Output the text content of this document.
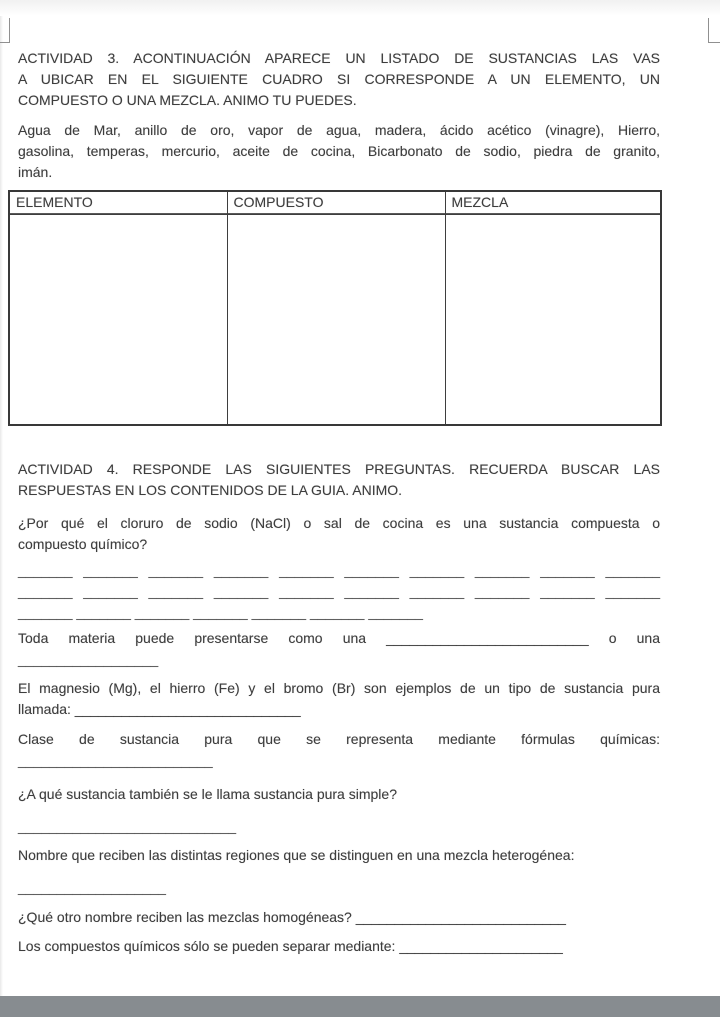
ACTIVIDAD 3. ACONTINUACIÓN APARECE UN LISTADO DE SUSTANCIAS LAS VAS
A UBICAR EN EL SIGUIENTE CUADRO SI CORRESPONDE A UN ELEMENTO, UN
COMPUESTO O UNA MEZCLA. ANIMO TU PUEDES.

Agua de Mar, anillo de oro, vapor de agua, madera, ácido acético (vinagre), Hierro,
gasolina, temperas, mercurio, aceite de cocina, Bicarbonato de sodio, piedra de granito,
imán.

ELEMENTO	COMPUESTO	MEZCLA

ACTIVIDAD 4. RESPONDE LAS SIGUIENTES PREGUNTAS. RECUERDA BUSCAR LAS
RESPUESTAS EN LOS CONTENIDOS DE LA GUIA. ANIMO.

¿Por qué el cloruro de sodio (NaCl) o sal de cocina es una sustancia compuesta o
compuesto químico?

_______ _______ _______ _______ _______ _______ _______ _______ _______ _______
_______ _______ _______ _______ _______ _______ _______ _______ _______ _______
_______ _______ _______ _______ _______ _______ _______

Toda materia puede presentarse como una __________________________ o una
__________________

El magnesio (Mg), el hierro (Fe) y el bromo (Br) son ejemplos de un tipo de sustancia pura
llamada: _____________________________

Clase de sustancia pura que se representa mediante fórmulas químicas:
_________________________

¿A qué sustancia también se le llama sustancia pura simple?

____________________________

Nombre que reciben las distintas regiones que se distinguen en una mezcla heterogénea:

___________________

¿Qué otro nombre reciben las mezclas homogéneas? ___________________________

Los compuestos químicos sólo se pueden separar mediante: _____________________
